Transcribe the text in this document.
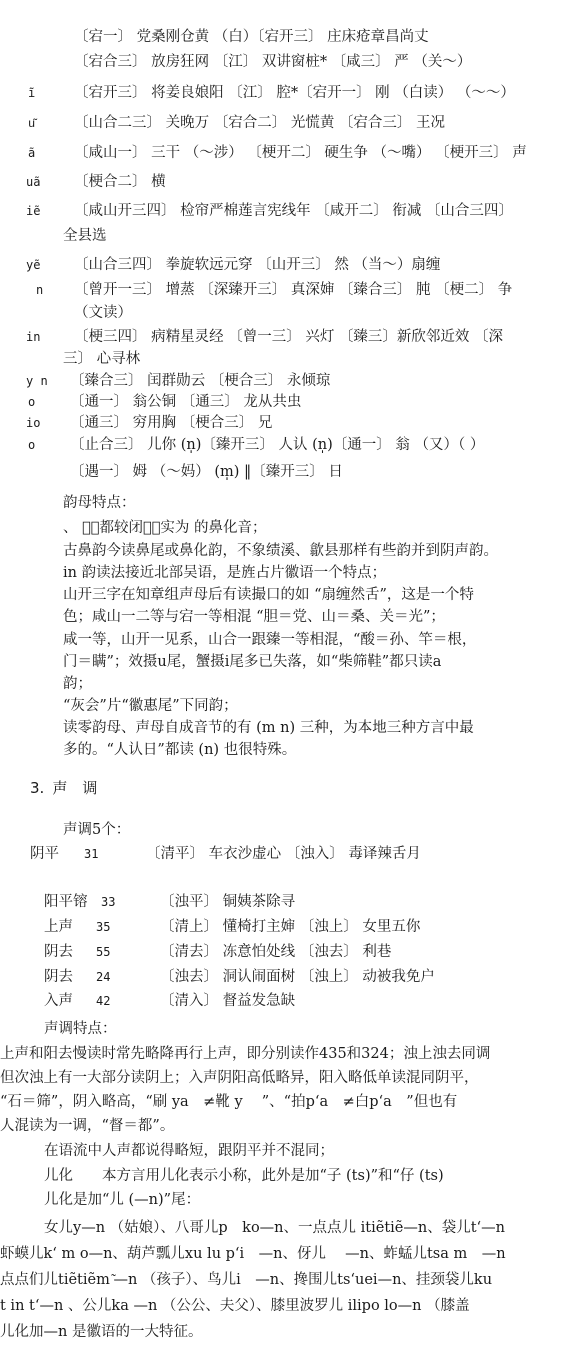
〔宕一〕 党桑刚仓黄 （白）〔宕开三〕 庄床疮章昌尚丈
〔宕合三〕 放房狂网 〔江〕 双讲窗桩* 〔咸三〕 严 （关～）
ĩ	〔宕开三〕 将姜良娘阳 〔江〕 腔*〔宕开一〕 刚 （白读） （～～）
u͂	〔山合二三〕 关晚万 〔宕合二〕 光慌黄 〔宕合三〕 王况
ã	〔咸山一〕 三干 （～涉） 〔梗开二〕 硬生争 （～嘴） 〔梗开三〕 声
uã 〔梗合二〕 横
iẽ 〔咸山开三四〕 检帘严棉莲言宪线年 〔咸开二〕 衔减 〔山合三四〕
全县选
yẽ 〔山合三四〕 拳旋软远元穿 〔山开三〕 然 （当～）扇缠
n 〔曾开一三〕 增蒸 〔深臻开三〕 真深婶 〔臻合三〕 肫 〔梗二〕 争
（文读）
in 〔梗三四〕 病精星灵经 〔曾一三〕 兴灯 〔臻三〕新欣邻近效 〔深
三〕 心寻林
y n 〔臻合三〕 闰群勋云 〔梗合三〕 永倾琼
o 〔通一〕 翁公铜 〔通三〕 龙从共虫
io 〔通三〕 穷用胸 〔梗合三〕 兄
o 〔止合三〕 儿你 (n̩)〔臻开三〕 人认 (n̩)〔通一〕 翁 （又）（ ）
〔遇一〕 姆 （～妈） (m̩) ‖〔臻开三〕 日
韵母特点：
、 、͂都较闭，͂实为 的鼻化音；
古鼻韵今读鼻尾或鼻化韵，不象绩溪、歙县那样有些韵并到阴声韵。
in 韵读法接近北部吴语，是旌占片徽语一个特点；
山开三字在知章组声母后有读撮口的如 “扇缠然舌”，这是一个特
色；咸山一二等与宕一等相混 “胆＝党、山＝桑、关＝光”；
咸一等，山开一见系，山合一跟臻一等相混，“酸＝孙、竿＝根，
门＝瞒”；效摄u尾，蟹摄i尾多已失落，如“柴筛鞋”都只读a
韵；
“灰会”片“徽惠尾”下同韵；
读零韵母、声母自成音节的有 (m n) 三种，为本地三种方言中最
多的。“人认日”都读 (n) 也很特殊。
3. 声　调
声调5个：
阴平 31	〔清平〕 车衣沙虚心 〔浊入〕 毒译辣舌月
阳平镕 33	〔浊平〕 铜姨茶除寻
上声 35	〔清上〕 懂椅打主婶 〔浊上〕 女里五你
阴去 55	〔清去〕 冻意怕处线 〔浊去〕 利巷
阴去 24	〔浊去〕 洞认闹面树 〔浊上〕 动被我免户
入声 42	〔清入〕 督益发急缺
声调特点：
上声和阳去慢读时常先略降再行上声，即分别读作435和324；浊上浊去同调
但次浊上有一大部分读阴上；入声阴阳高低略异，阳入略低单读混同阴平，
“石＝筛”，阴入略高，“刷 ya　≠靴 y　 ”、“拍pʻa　≠白pʻa　”但也有
人混读为一调，“督＝都”。
在语流中人声都说得略短，跟阴平并不混同；
儿化　　本方言用儿化表示小称，此外是加“子 (ts)”和“仔 (ts)
儿化是加“儿 (—n)”尾：
女儿y—n （姑娘）、八哥儿p　ko—n、一点点儿 itiẽtiẽ—n、袋儿tʻ—n
虾蟆儿kʻ m o—n、葫芦瓢儿xu lu pʻi　—n、伢儿　 —n、蚱蜢儿tsa m　—n
点点们儿tiẽtiẽm ͂—n （孩子）、鸟儿i　—n、搀围儿tsʻuei—n、挂颈袋儿ku
t in tʻ—n 、公儿ka —n （公公、夫父）、膝里波罗儿 ilipo lo—n （膝盖
儿化加—n 是徽语的一大特征。
